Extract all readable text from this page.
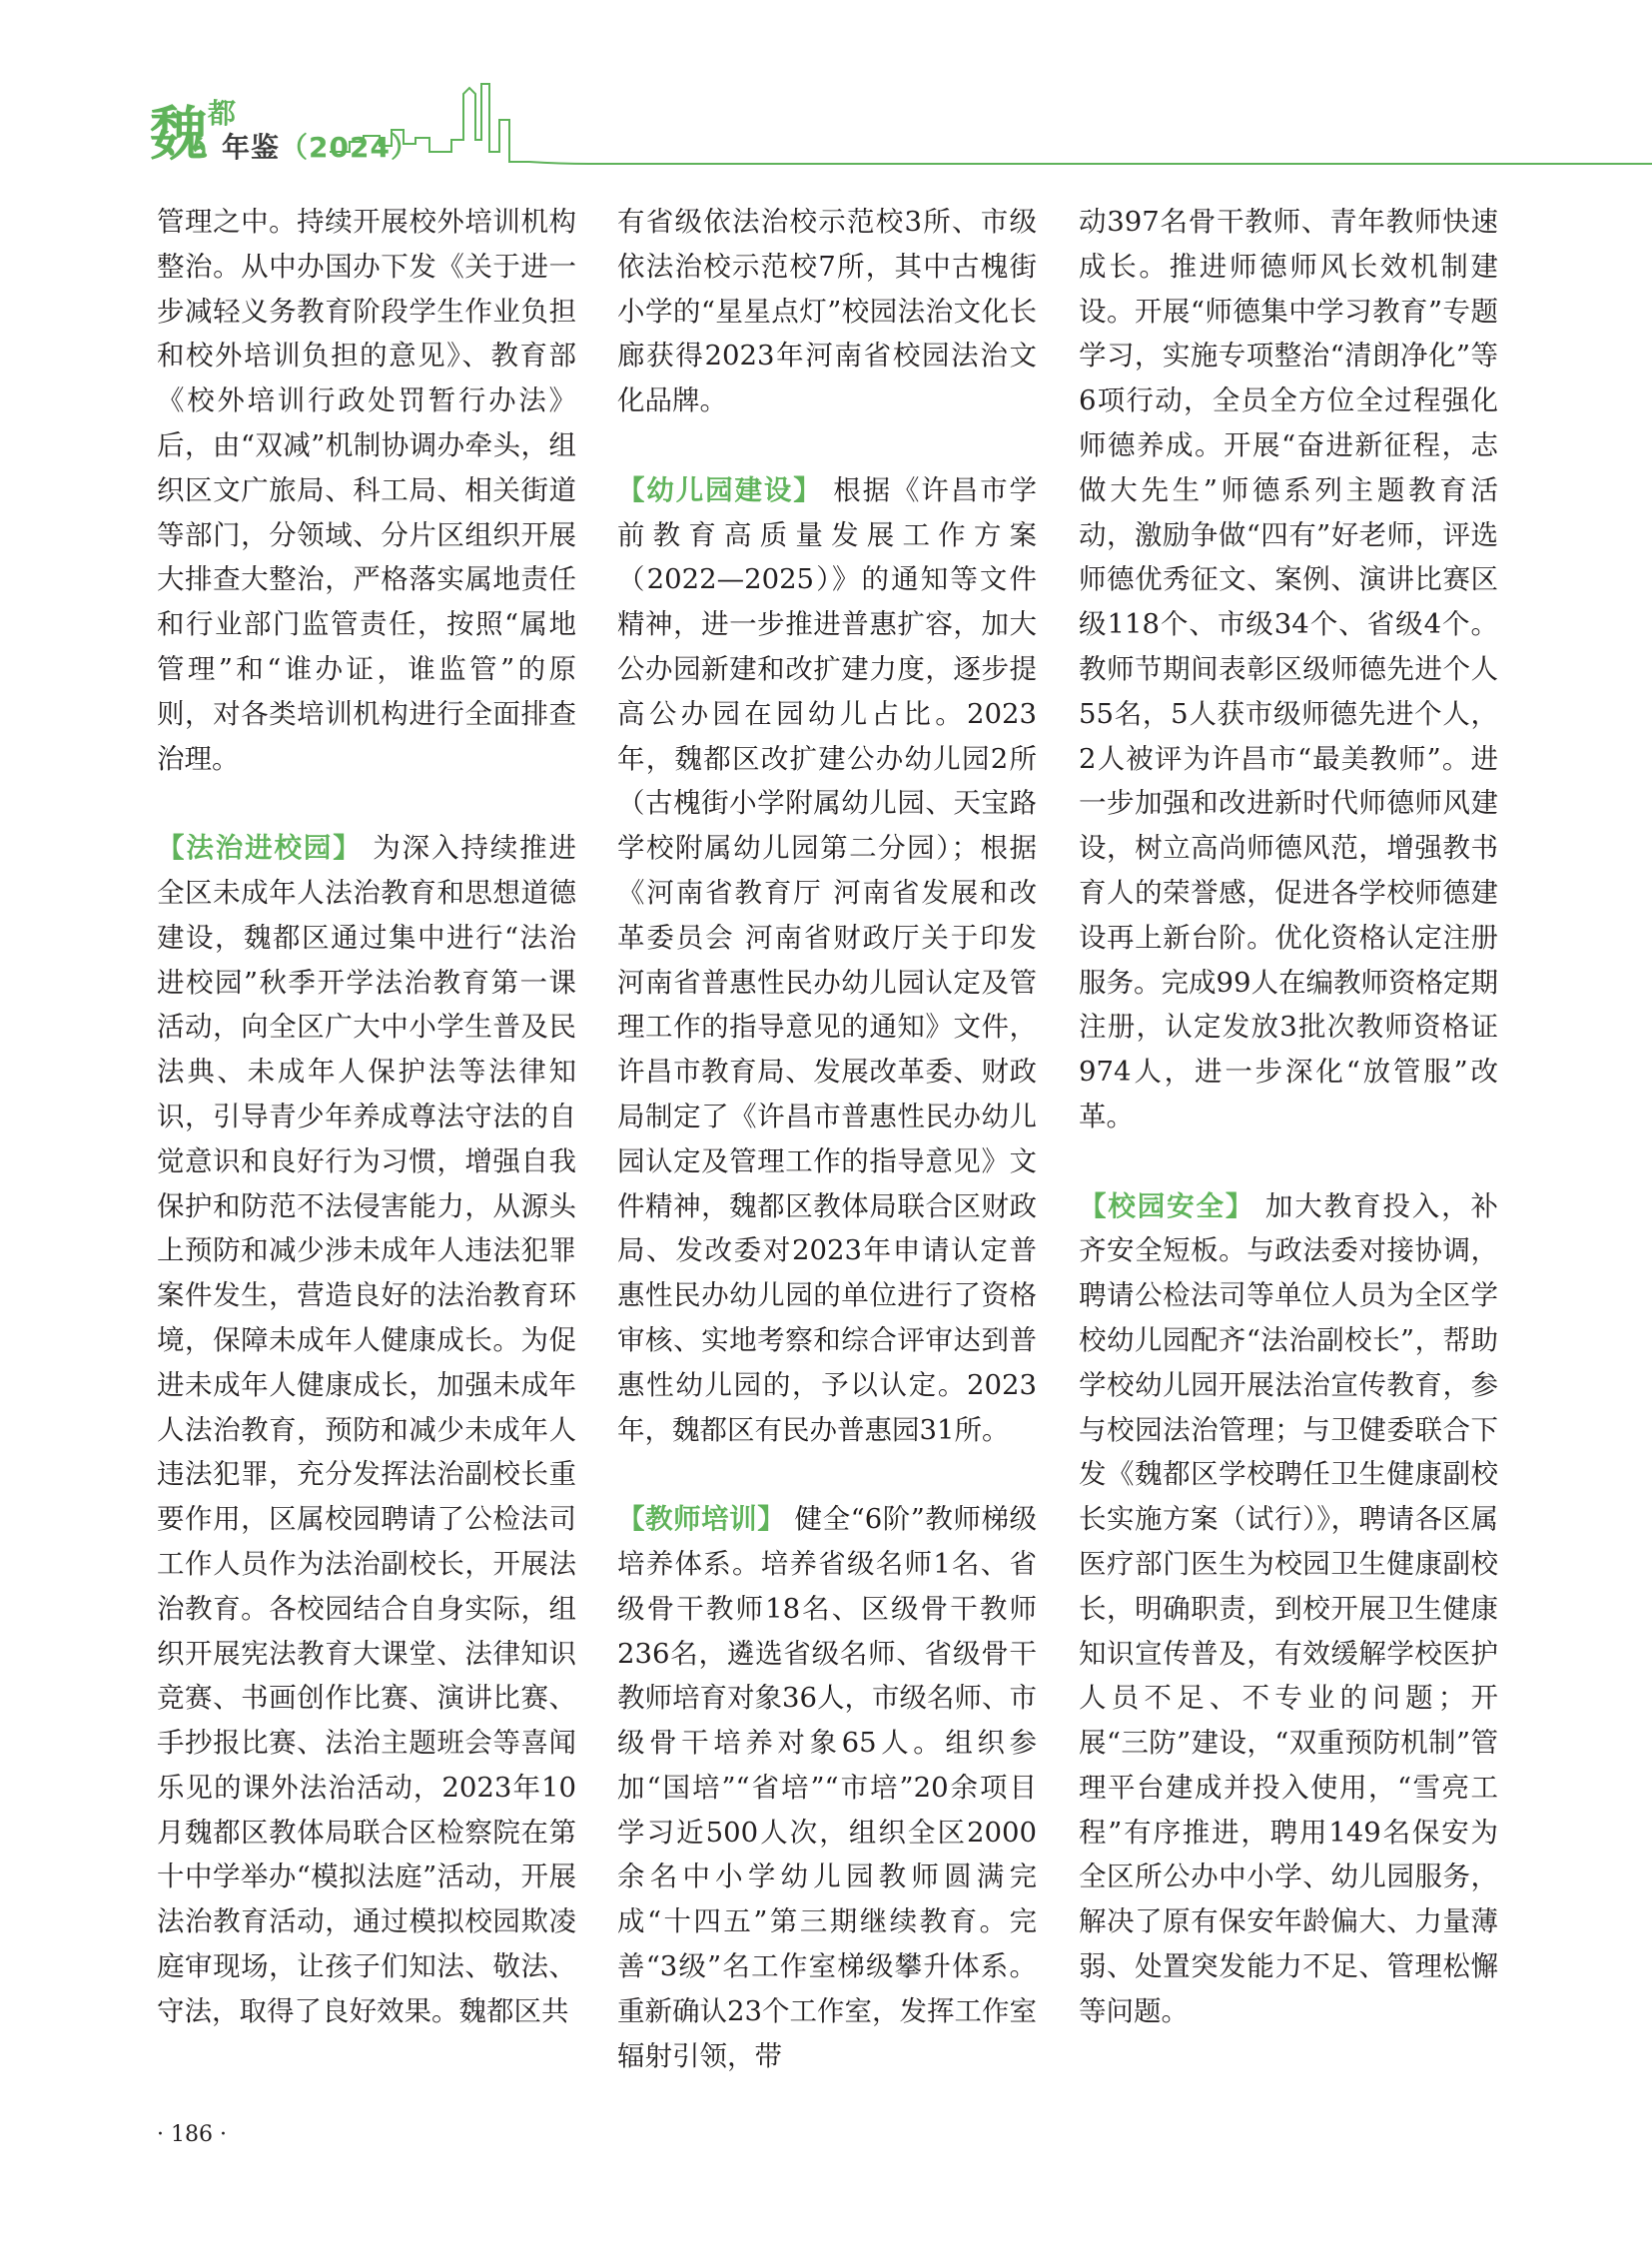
魏 都
年鉴（2024）

管理之中。持续开展校外培训机构整治。从中办国办下发《关于进一步减轻义务教育阶段学生作业负担和校外培训负担的意见》、教育部《校外培训行政处罚暂行办法》后，由“双减”机制协调办牵头，组织区文广旅局、科工局、相关街道等部门，分领域、分片区组织开展大排查大整治，严格落实属地责任和行业部门监管责任，按照“属地管理”和“谁办证，谁监管”的原则，对各类培训机构进行全面排查治理。

【法治进校园】 为深入持续推进全区未成年人法治教育和思想道德建设，魏都区通过集中进行“法治进校园”秋季开学法治教育第一课活动，向全区广大中小学生普及民法典、未成年人保护法等法律知识，引导青少年养成尊法守法的自觉意识和良好行为习惯，增强自我保护和防范不法侵害能力，从源头上预防和减少涉未成年人违法犯罪案件发生，营造良好的法治教育环境，保障未成年人健康成长。为促进未成年人健康成长，加强未成年人法治教育，预防和减少未成年人违法犯罪，充分发挥法治副校长重要作用，区属校园聘请了公检法司工作人员作为法治副校长，开展法治教育。各校园结合自身实际，组织开展宪法教育大课堂、法律知识竞赛、书画创作比赛、演讲比赛、手抄报比赛、法治主题班会等喜闻乐见的课外法治活动，2023年10月魏都区教体局联合区检察院在第十中学举办“模拟法庭”活动，开展法治教育活动，通过模拟校园欺凌庭审现场，让孩子们知法、敬法、守法，取得了良好效果。魏都区共

有省级依法治校示范校3所、市级依法治校示范校7所，其中古槐街小学的“星星点灯”校园法治文化长廊获得2023年河南省校园法治文化品牌。

【幼儿园建设】 根据《许昌市学前教育高质量发展工作方案（2022—2025）》的通知等文件精神，进一步推进普惠扩容，加大公办园新建和改扩建力度，逐步提高公办园在园幼儿占比。2023年，魏都区改扩建公办幼儿园2所（古槐街小学附属幼儿园、天宝路学校附属幼儿园第二分园）；根据《河南省教育厅 河南省发展和改革委员会 河南省财政厅关于印发河南省普惠性民办幼儿园认定及管理工作的指导意见的通知》文件，许昌市教育局、发展改革委、财政局制定了《许昌市普惠性民办幼儿园认定及管理工作的指导意见》文件精神，魏都区教体局联合区财政局、发改委对2023年申请认定普惠性民办幼儿园的单位进行了资格审核、实地考察和综合评审达到普惠性幼儿园的，予以认定。2023年，魏都区有民办普惠园31所。

【教师培训】 健全“6阶”教师梯级培养体系。培养省级名师1名、省级骨干教师18名、区级骨干教师236名，遴选省级名师、省级骨干教师培育对象36人，市级名师、市级骨干培养对象65人。组织参加“国培”“省培”“市培”20余项目学习近500人次，组织全区2000余名中小学幼儿园教师圆满完成“十四五”第三期继续教育。完善“3级”名工作室梯级攀升体系。重新确认23个工作室，发挥工作室辐射引领，带

动397名骨干教师、青年教师快速成长。推进师德师风长效机制建设。开展“师德集中学习教育”专题学习，实施专项整治“清朗净化”等6项行动，全员全方位全过程强化师德养成。开展“奋进新征程，志做大先生”师德系列主题教育活动，激励争做“四有”好老师，评选师德优秀征文、案例、演讲比赛区级118个、市级34个、省级4个。教师节期间表彰区级师德先进个人55名，5人获市级师德先进个人，2人被评为许昌市“最美教师”。进一步加强和改进新时代师德师风建设，树立高尚师德风范，增强教书育人的荣誉感，促进各学校师德建设再上新台阶。优化资格认定注册服务。完成99人在编教师资格定期注册，认定发放3批次教师资格证974人，进一步深化“放管服”改革。

【校园安全】 加大教育投入，补齐安全短板。与政法委对接协调，聘请公检法司等单位人员为全区学校幼儿园配齐“法治副校长”，帮助学校幼儿园开展法治宣传教育，参与校园法治管理；与卫健委联合下发《魏都区学校聘任卫生健康副校长实施方案（试行）》，聘请各区属医疗部门医生为校园卫生健康副校长，明确职责，到校开展卫生健康知识宣传普及，有效缓解学校医护人员不足、不专业的问题；开展“三防”建设，“双重预防机制”管理平台建成并投入使用，“雪亮工程”有序推进，聘用149名保安为全区所公办中小学、幼儿园服务，解决了原有保安年龄偏大、力量薄弱、处置突发能力不足、管理松懈等问题。

· 186 ·
